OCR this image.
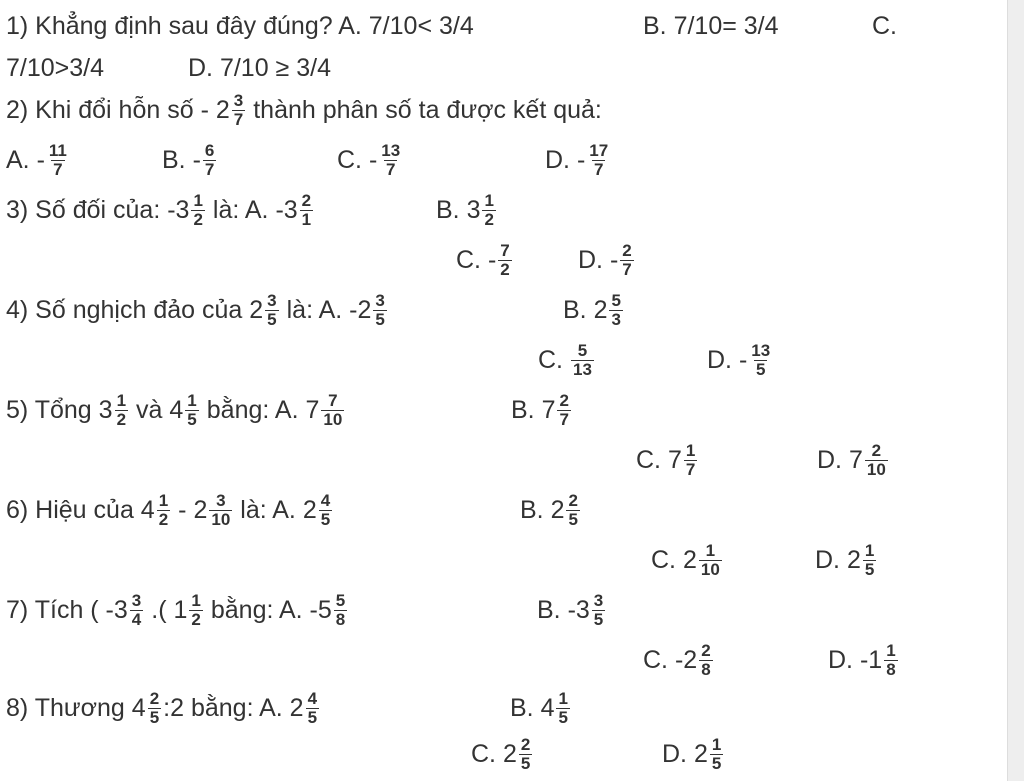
1) Khẳng định sau đây đúng? A. 7/10< 3/4	B. 7/10= 3/4	C.
7/10>3/4	D. 7/10 ≥ 3/4
2) Khi đổi hỗn số - $2 \frac{3}{7}$ thành phân số ta được kết quả:
A. - $\frac{11}{7}$	B. - $\frac{6}{7}$	C. - $\frac{13}{7}$	D. - $\frac{17}{7}$
3) Số đối của: $-3 \frac{1}{2}$ là: A. $-3 \frac{2}{1}$	B. $3 \frac{1}{2}$
C. - $\frac{7}{2}$	D. - $\frac{2}{7}$
4) Số nghịch đảo của $2 \frac{3}{5}$ là: A. $-2 \frac{3}{5}$	B. $2 \frac{5}{3}$
C. $\frac{5}{13}$	D. - $\frac{13}{5}$
5) Tổng $3 \frac{1}{2}$ và $4 \frac{1}{5}$ bằng: A. $7 \frac{7}{10}$	B. $7 \frac{2}{7}$
C. $7 \frac{1}{7}$	D. $7 \frac{2}{10}$
6) Hiệu của $4 \frac{1}{2} - 2 \frac{3}{10}$ là: A. $2 \frac{4}{5}$	B. $2 \frac{2}{5}$
C. $2 \frac{1}{10}$	D. $2 \frac{1}{5}$
7) Tích ( $-3 \frac{3}{4}$ .( $1 \frac{1}{2}$ bằng: A. $-5 \frac{5}{8}$	B. $-3 \frac{3}{5}$
C. $-2 \frac{2}{8}$	D. $-1 \frac{1}{8}$
8) Thương $4 \frac{2}{5}$ :2 bằng: A. $2 \frac{4}{5}$	B. $4 \frac{1}{5}$
C. $2 \frac{2}{5}$	D. $2 \frac{1}{5}$
